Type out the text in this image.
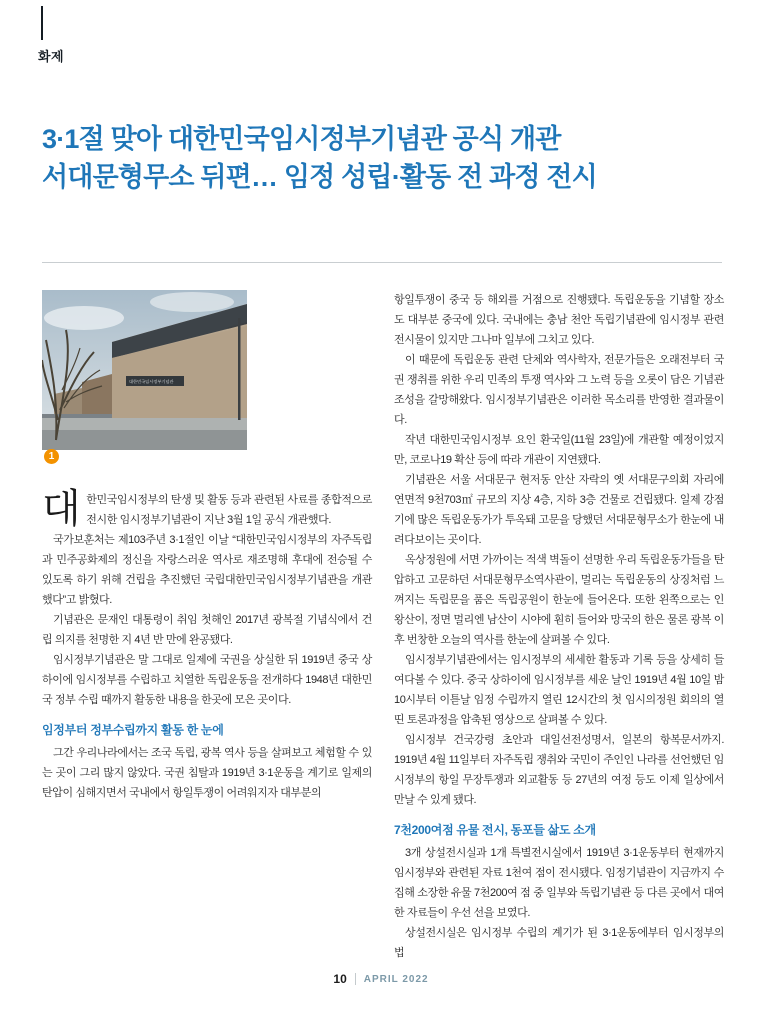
화제
3·1절 맞아 대한민국임시정부기념관 공식 개관
서대문형무소 뒤편… 임정 성립·활동 전 과정 전시
대한민국임시정부기념관
1

대한민국임시정부의 탄생 및 활동 등과 관련된 사료를 종합적으로 전시한 임시정부기념관이 지난 3월 1일 공식 개관했다.

국가보훈처는 제103주년 3·1절인 이날 “대한민국임시정부의 자주독립과 민주공화제의 정신을 자랑스러운 역사로 재조명해 후대에 전승될 수 있도록 하기 위해 건립을 추진했던 국립대한민국임시정부기념관을 개관했다”고 밝혔다.

기념관은 문재인 대통령이 취임 첫해인 2017년 광복절 기념식에서 건립 의지를 천명한 지 4년 반 만에 완공됐다.

임시정부기념관은 말 그대로 일제에 국권을 상실한 뒤 1919년 중국 상하이에 임시정부를 수립하고 치열한 독립운동을 전개하다 1948년 대한민국 정부 수립 때까지 활동한 내용을 한곳에 모은 곳이다.

임정부터 정부수립까지 활동 한 눈에

그간 우리나라에서는 조국 독립, 광복 역사 등을 살펴보고 체험할 수 있는 곳이 그리 많지 않았다. 국권 침탈과 1919년 3·1운동을 계기로 일제의 탄압이 심해지면서 국내에서 항일투쟁이 어려워지자 대부분의

항일투쟁이 중국 등 해외를 거점으로 진행됐다. 독립운동을 기념할 장소도 대부분 중국에 있다. 국내에는 충남 천안 독립기념관에 임시정부 관련 전시물이 있지만 그나마 일부에 그치고 있다.

이 때문에 독립운동 관련 단체와 역사학자, 전문가들은 오래전부터 국권 쟁취를 위한 우리 민족의 투쟁 역사와 그 노력 등을 오롯이 담은 기념관 조성을 갈망해왔다. 임시정부기념관은 이러한 목소리를 반영한 결과물이다.

작년 대한민국임시정부 요인 환국일(11월 23일)에 개관할 예정이었지만, 코로나19 확산 등에 따라 개관이 지연됐다.

기념관은 서울 서대문구 현저동 안산 자락의 옛 서대문구의회 자리에 연면적 9천703㎡ 규모의 지상 4층, 지하 3층 건물로 건립됐다. 일제 강점기에 많은 독립운동가가 투옥돼 고문을 당했던 서대문형무소가 한눈에 내려다보이는 곳이다.

옥상정원에 서면 가까이는 적색 벽돌이 선명한 우리 독립운동가들을 탄압하고 고문하던 서대문형무소역사관이, 멀리는 독립운동의 상징처럼 느껴지는 독립문을 품은 독립공원이 한눈에 들어온다. 또한 왼쪽으로는 인왕산이, 정면 멀리엔 남산이 시야에 훤히 들어와 망국의 한은 물론 광복 이후 번창한 오늘의 역사를 한눈에 살펴볼 수 있다.

임시정부기념관에서는 임시정부의 세세한 활동과 기록 등을 상세히 들여다볼 수 있다. 중국 상하이에 임시정부를 세운 날인 1919년 4월 10일 밤 10시부터 이튿날 임정 수립까지 열린 12시간의 첫 임시의정원 회의의 열띤 토론과정을 압축된 영상으로 살펴볼 수 있다.

임시정부 건국강령 초안과 대일선전성명서, 일본의 항복문서까지. 1919년 4월 11일부터 자주독립 쟁취와 국민이 주인인 나라를 선언했던 임시정부의 항일 무장투쟁과 외교활동 등 27년의 여정 등도 이제 일상에서 만날 수 있게 됐다.

7천200여점 유물 전시, 동포들 삶도 소개

3개 상설전시실과 1개 특별전시실에서 1919년 3·1운동부터 현재까지 임시정부와 관련된 자료 1천여 점이 전시됐다. 임정기념관이 지금까지 수집해 소장한 유물 7천200여 점 중 일부와 독립기념관 등 다른 곳에서 대여한 자료들이 우선 선을 보였다.

상설전시실은 임시정부 수립의 계기가 된 3·1운동에부터 임시정부의 법

10 APRIL 2022
